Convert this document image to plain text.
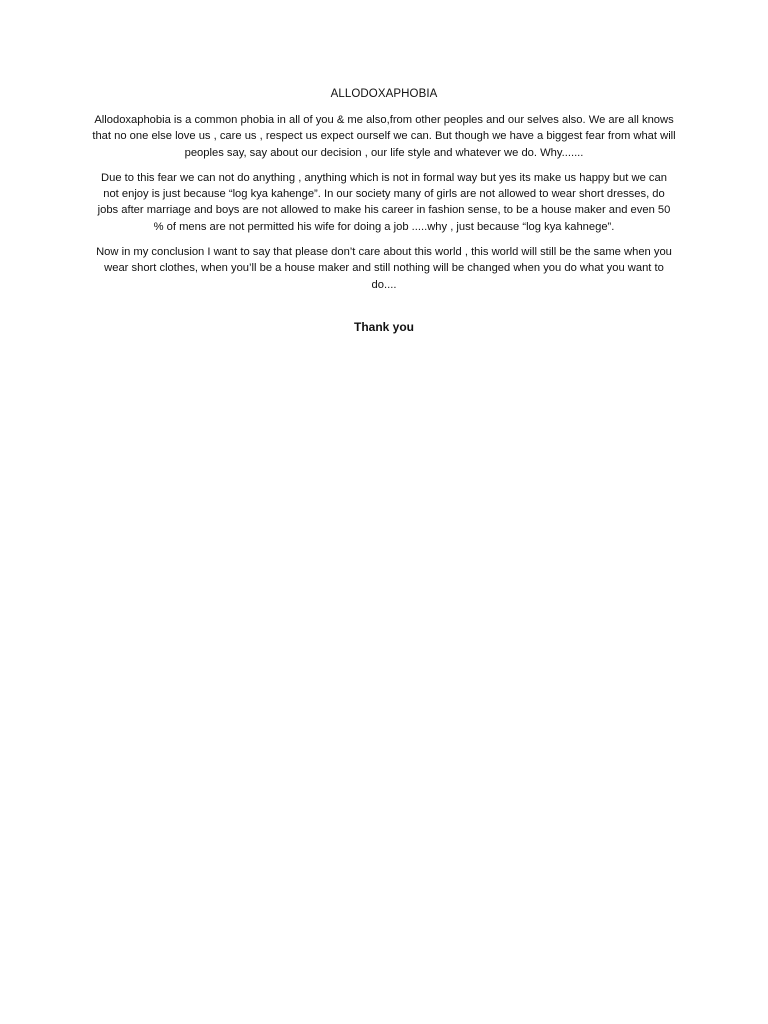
ALLODOXAPHOBIA

Allodoxaphobia is a common phobia in all of you & me also,from other peoples and our selves also. We are all knows that no one else love us , care us , respect us expect ourself we can. But though we have a biggest fear from what will peoples say, say about our decision , our life style and whatever we do. Why.......

Due to this fear we can not do anything , anything which is not in formal way but yes its make us happy but we can not enjoy is just because “log kya kahenge”. In our society many of girls are not allowed to wear short dresses, do jobs after marriage and boys are not allowed to make his career in fashion sense, to be a house maker and even 50 % of mens are not permitted his wife for doing a job .....why , just because “log kya kahnege”.

Now in my conclusion I want to say that please don’t care about this world , this world will still be the same when you wear short clothes, when you’ll be a house maker and still nothing will be changed when you do what you want to do....

Thank you
